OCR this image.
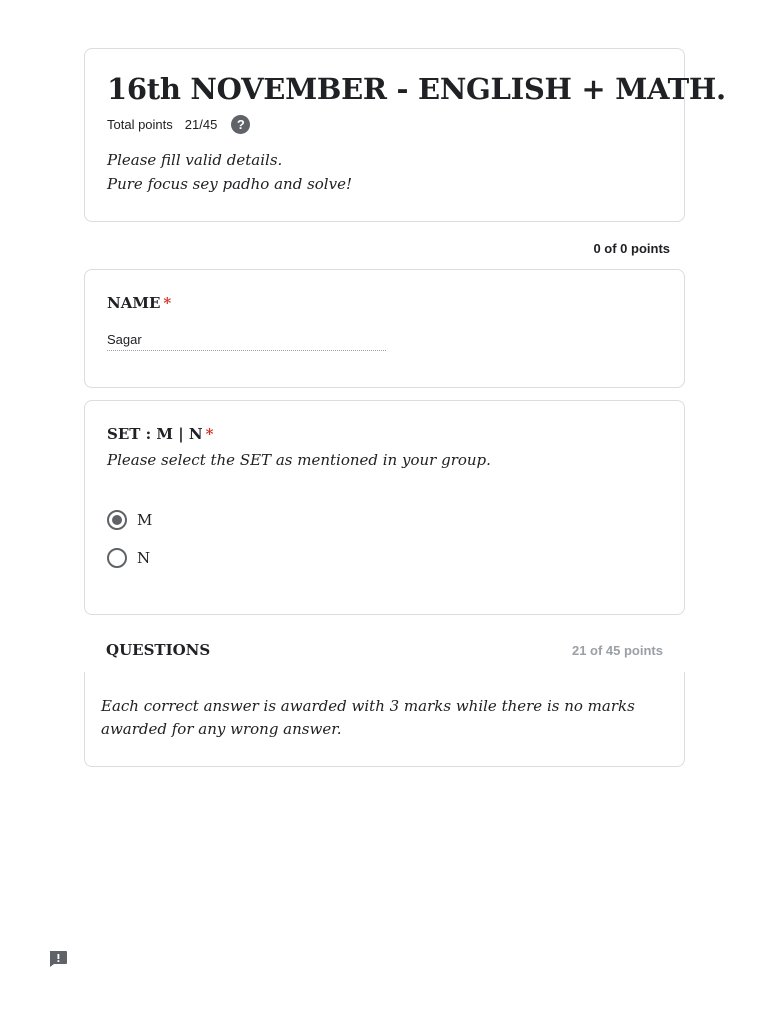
16th NOVEMBER - ENGLISH + MATH.
Total points 21/45	?
Please fill valid details.
Pure focus sey padho and solve!
0 of 0 points
NAME *
Sagar
SET : M | N *
Please select the SET as mentioned in your group.
M
N
QUESTIONS	21 of 45 points
Each correct answer is awarded with 3 marks while there is no marks awarded for any wrong answer.
